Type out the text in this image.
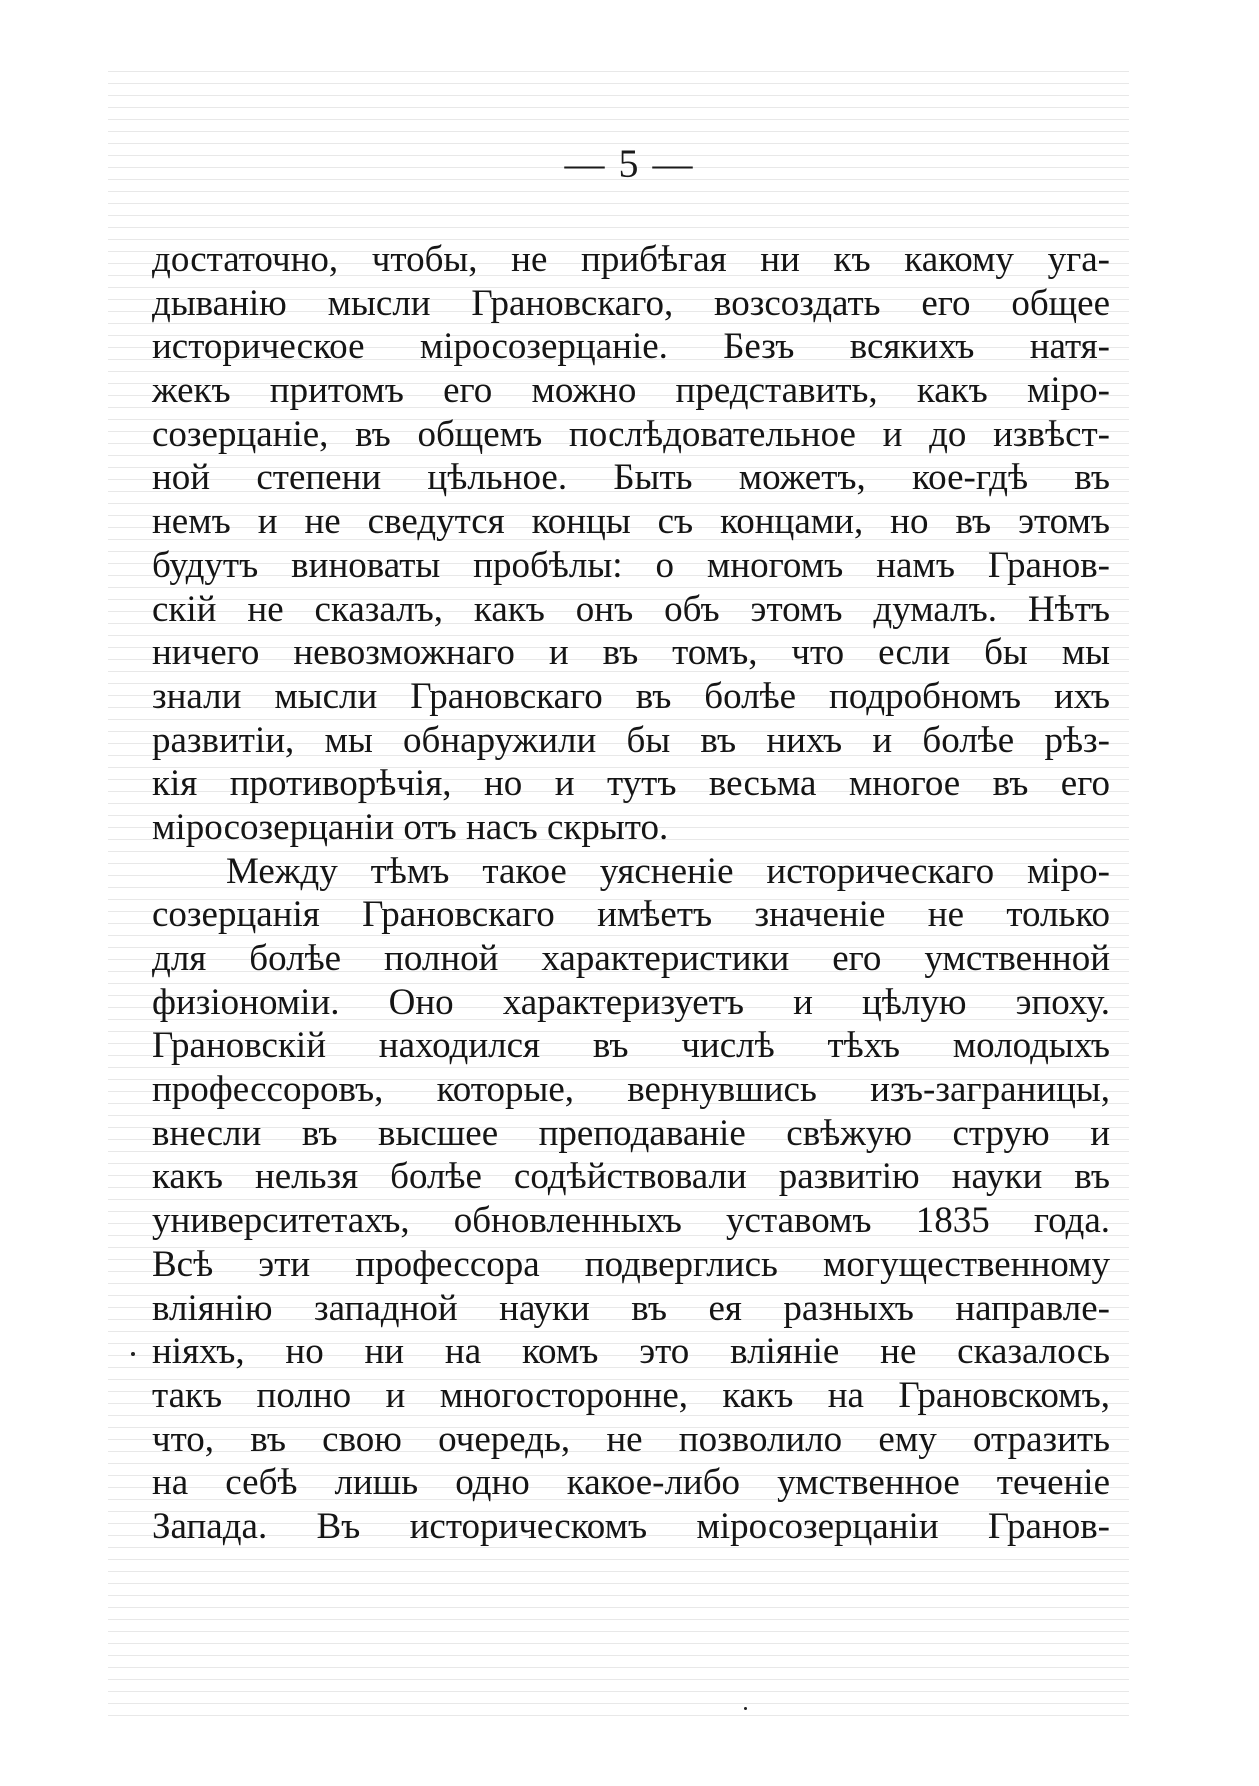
— 5 —
достаточно, чтобы, не прибѣгая ни къ какому уга-
дыванію мысли Грановскаго, возсоздать его общее
историческое міросозерцаніе. Безъ всякихъ натя-
жекъ притомъ его можно представить, какъ міро-
созерцаніе, въ общемъ послѣдовательное и до извѣст-
ной степени цѣльное. Быть можетъ, кое-гдѣ въ
немъ и не сведутся концы съ концами, но въ этомъ
будутъ виноваты пробѣлы: о многомъ намъ Гранов-
скій не сказалъ, какъ онъ объ этомъ думалъ. Нѣтъ
ничего невозможнаго и въ томъ, что если бы мы
знали мысли Грановскаго въ болѣе подробномъ ихъ
развитіи, мы обнаружили бы въ нихъ и болѣе рѣз-
кія противорѣчія, но и тутъ весьма многое въ его
міросозерцаніи отъ насъ скрыто.
Между тѣмъ такое уясненіе историческаго міро-
созерцанія Грановскаго имѣетъ значеніе не только
для болѣе полной характеристики его умственной
физіономіи. Оно характеризуетъ и цѣлую эпоху.
Грановскій находился въ числѣ тѣхъ молодыхъ
профессоровъ, которые, вернувшись изъ-заграницы,
внесли въ высшее преподаваніе свѣжую струю и
какъ нельзя болѣе содѣйствовали развитію науки въ
университетахъ, обновленныхъ уставомъ 1835 года.
Всѣ эти профессора подверглись могущественному
вліянію западной науки въ ея разныхъ направле-
ніяхъ, но ни на комъ это вліяніе не сказалось
такъ полно и многосторонне, какъ на Грановскомъ,
что, въ свою очередь, не позволило ему отразить
на себѣ лишь одно какое-либо умственное теченіе
Запада. Въ историческомъ міросозерцаніи Гранов-
